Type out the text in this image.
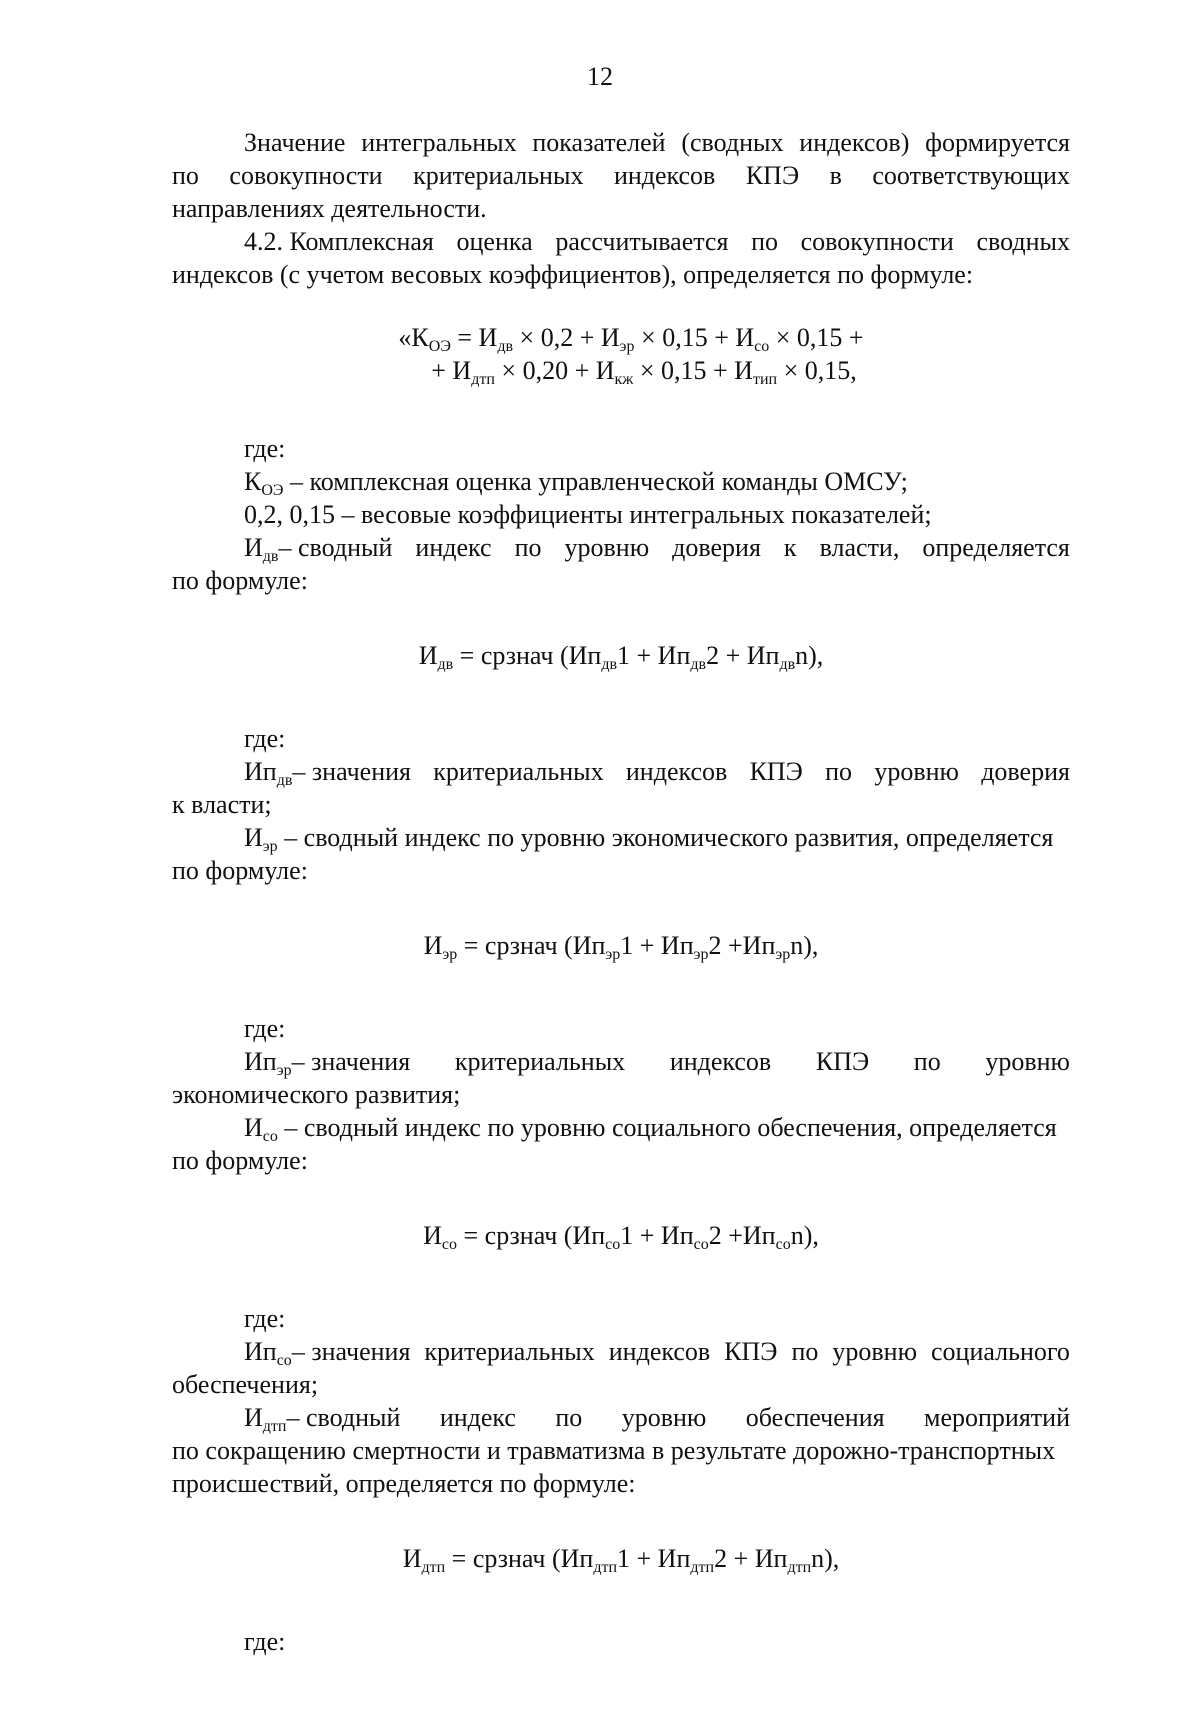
12
Значение интегральных показателей (сводных индексов) формируется
по совокупности критериальных индексов КПЭ в соответствующих
направлениях деятельности.
4.2. Комплексная оценка рассчитывается по совокупности сводных
индексов (с учетом весовых коэффициентов), определяется по формуле:
«$К_{ОЭ} = И_{дв} \times 0,2 + И_{эр} \times 0,15 + И_{со} \times 0,15$ +
+ $И_{дтп} \times 0,20 + И_{кж} \times 0,15 + И_{тип} \times 0,15$,

где:

$К_{ОЭ}$ – комплексная оценка управленческой команды ОМСУ;

0,2, 0,15 – весовые коэффициенты интегральных показателей;

$И_{дв}-$ сводный индекс по уровню доверия к власти, определяется
по формуле:
$И_{дв}$ = срзнач $(Ип_{дв}1 + Ип_{дв}2 + Ип_{дв}n)$,

где:

$Ип_{дв}-$ значения критериальных индексов КПЭ по уровню доверия
к власти;
$И_{эр}$ – сводный индекс по уровню экономического развития, определяется
по формуле:
$И_{эр}$ = срзнач $(Ип_{эр}1 + Ип_{эр}2 +Ип_{эр}n)$,

где:

$Ип_{эр}-$ значения критериальных индексов КПЭ по уровню
экономического развития;
$И_{со}$ – сводный индекс по уровню социального обеспечения, определяется
по формуле:
$И_{со}$ = срзнач $(Ип_{со}1 + Ип_{со}2 +Ип_{со}n)$,

где:

$Ип_{со}-$ значения критериальных индексов КПЭ по уровню социального
обеспечения;
$И_{дтп}-$ сводный индекс по уровню обеспечения мероприятий
по сокращению смертности и травматизма в результате дорожно-транспортных
происшествий, определяется по формуле:
$И_{дтп}$ = срзнач $(Ип_{дтп}1 + Ип_{дтп}2 + Ип_{дтп}n)$,

где:
